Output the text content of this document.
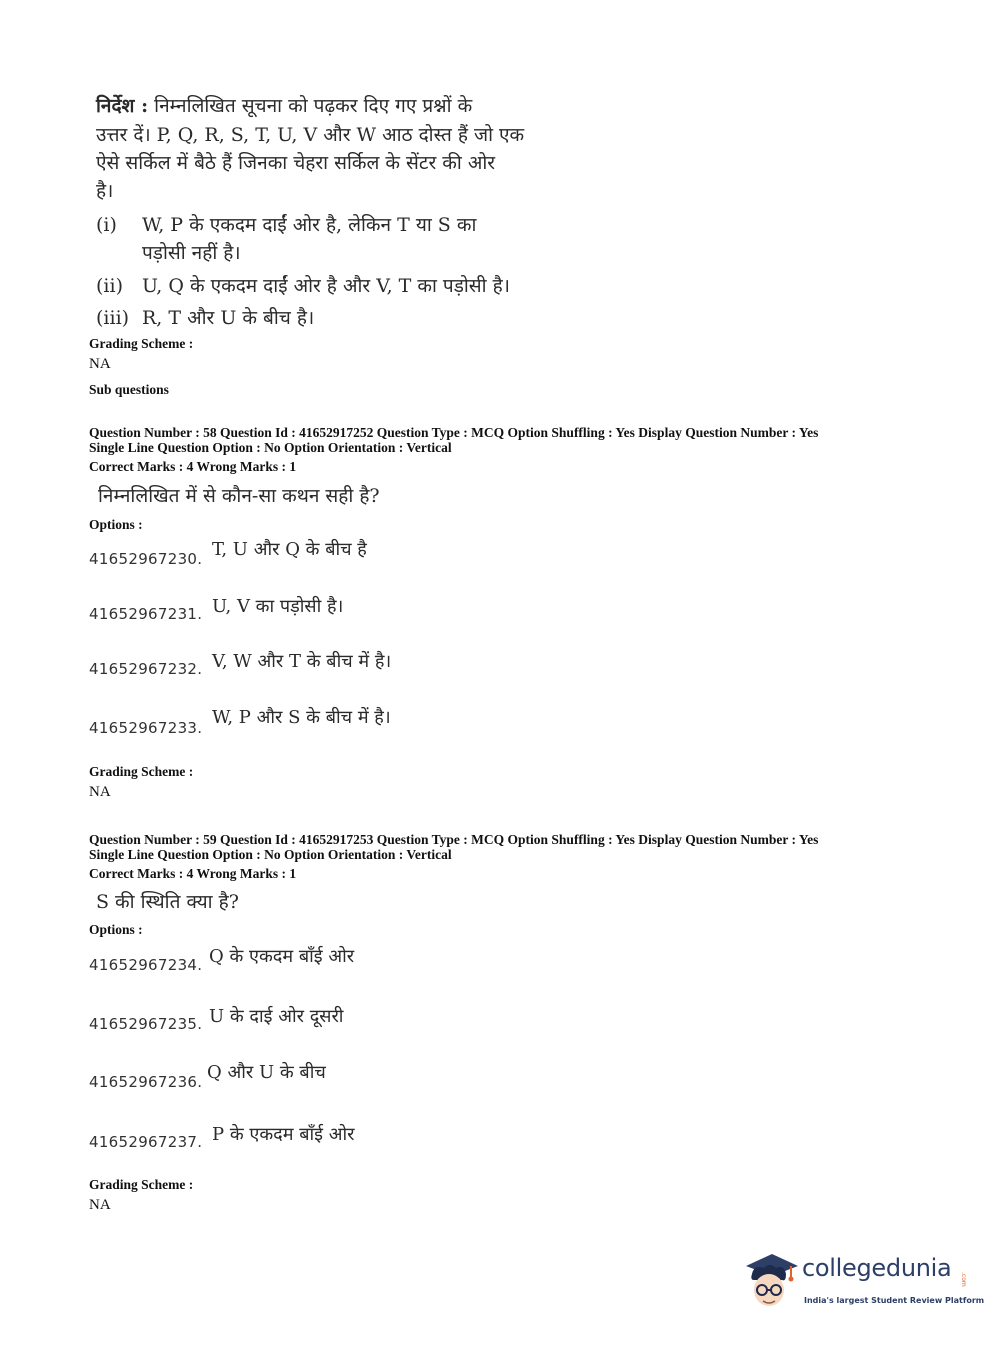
निर्देश : निम्नलिखित सूचना को पढ़कर दिए गए प्रश्नों के
उत्तर दें। P, Q, R, S, T, U, V और W आठ दोस्त हैं जो एक
ऐसे सर्किल में बैठे हैं जिनका चेहरा सर्किल के सेंटर की ओर
है।
(i) W, P के एकदम दाईं ओर है, लेकिन T या S का
पड़ोसी नहीं है।
(ii) U, Q के एकदम दाईं ओर है और V, T का पड़ोसी है।
(iii) R, T और U के बीच है।
Grading Scheme :
NA
Sub questions
Question Number : 58 Question Id : 41652917252 Question Type : MCQ Option Shuffling : Yes Display Question Number : Yes
Single Line Question Option : No Option Orientation : Vertical
Correct Marks : 4 Wrong Marks : 1
निम्नलिखित में से कौन-सा कथन सही है?
Options :
41652967230. T, U और Q के बीच है
41652967231. U, V का पड़ोसी है।
41652967232. V, W और T के बीच में है।
41652967233. W, P और S के बीच में है।
Grading Scheme :
NA
Question Number : 59 Question Id : 41652917253 Question Type : MCQ Option Shuffling : Yes Display Question Number : Yes
Single Line Question Option : No Option Orientation : Vertical
Correct Marks : 4 Wrong Marks : 1
S की स्थिति क्या है?
Options :
41652967234. Q के एकदम बाँई ओर
41652967235. U के दाई ओर दूसरी
41652967236. Q और U के बीच
41652967237. P के एकदम बाँई ओर
Grading Scheme :
NA
collegedunia .com
India's largest Student Review Platform
